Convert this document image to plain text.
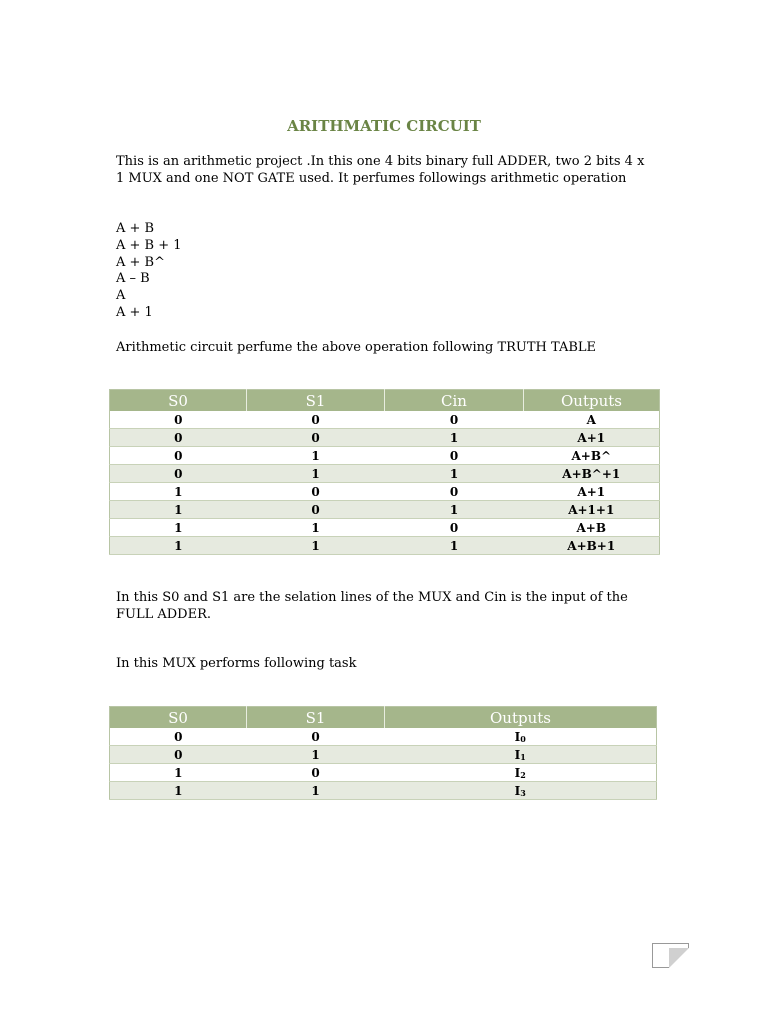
ARITHMATIC CIRCUIT
This is an arithmetic project .In this one 4 bits binary full ADDER, two 2 bits 4 x 1 MUX and one NOT GATE used. It perfumes followings arithmetic operation
A + B
A + B + 1
A + B^
A – B
A
A + 1
Arithmetic circuit perfume the above operation following TRUTH TABLE
S0	S1	Cin	Outputs
0	0	0	A
0	0	1	A+1
0	1	0	A+B^
0	1	1	A+B^+1
1	0	0	A+1
1	0	1	A+1+1
1	1	0	A+B
1	1	1	A+B+1
In this S0 and S1 are the selation lines of the MUX and Cin is the input of the FULL ADDER.
In this MUX performs following task
S0	S1	Outputs
0	0	I0
0	1	I1
1	0	I2
1	1	I3
1
